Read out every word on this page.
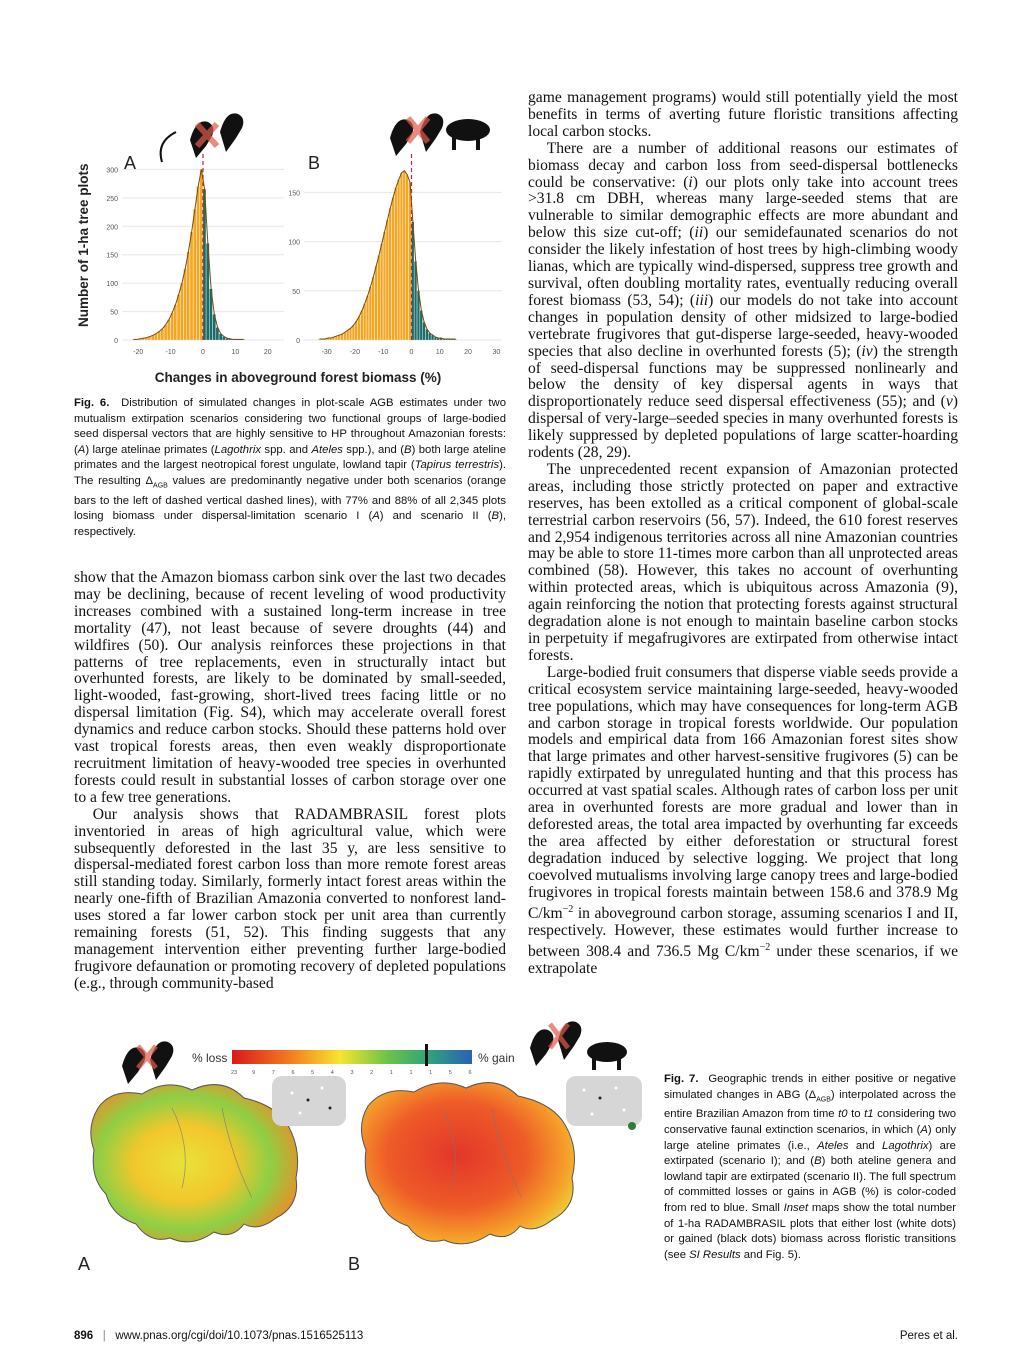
0
50
100
150
200
250
300
-20	-10	0	10	20
0
50
100
150
-30	-20	-10	0	10	20	30
A	B
Number of 1-ha tree plots
Changes in aboveground forest biomass (%)
Fig. 6. Distribution of simulated changes in plot-scale AGB estimates under two mutualism extirpation scenarios considering two functional groups of large-bodied seed dispersal vectors that are highly sensitive to HP throughout Amazonian forests: (A) large atelinae primates (Lagothrix spp. and Ateles spp.), and (B) both large ateline primates and the largest neotropical forest ungulate, lowland tapir (Tapirus terrestris). The resulting $\Delta_{AGB}$ values are predominantly negative under both scenarios (orange bars to the left of dashed vertical dashed lines), with 77% and 88% of all 2,345 plots losing biomass under dispersal-limitation scenario I (A) and scenario II (B), respectively.

show that the Amazon biomass carbon sink over the last two decades may be declining, because of recent leveling of wood productivity increases combined with a sustained long-term increase in tree mortality (47), not least because of severe droughts (44) and wildfires (50). Our analysis reinforces these projections in that patterns of tree replacements, even in structurally intact but overhunted forests, are likely to be dominated by small-seeded, light-wooded, fast-growing, short-lived trees facing little or no dispersal limitation (Fig. S4), which may accelerate overall forest dynamics and reduce carbon stocks. Should these patterns hold over vast tropical forests areas, then even weakly disproportionate recruitment limitation of heavy-wooded tree species in overhunted forests could result in substantial losses of carbon storage over one to a few tree generations.

Our analysis shows that RADAMBRASIL forest plots inventoried in areas of high agricultural value, which were subsequently deforested in the last 35 y, are less sensitive to dispersal-mediated forest carbon loss than more remote forest areas still standing today. Similarly, formerly intact forest areas within the nearly one-fifth of Brazilian Amazonia converted to nonforest land-uses stored a far lower carbon stock per unit area than currently remaining forests (51, 52). This finding suggests that any management intervention either preventing further large-bodied frugivore defaunation or promoting recovery of depleted populations (e.g., through community-based

game management programs) would still potentially yield the most benefits in terms of averting future floristic transitions affecting local carbon stocks.

There are a number of additional reasons our estimates of biomass decay and carbon loss from seed-dispersal bottlenecks could be conservative: (i) our plots only take into account trees >31.8 cm DBH, whereas many large-seeded stems that are vulnerable to similar demographic effects are more abundant and below this size cut-off; (ii) our semidefaunated scenarios do not consider the likely infestation of host trees by high-climbing woody lianas, which are typically wind-dispersed, suppress tree growth and survival, often doubling mortality rates, eventually reducing overall forest biomass (53, 54); (iii) our models do not take into account changes in population density of other midsized to large-bodied vertebrate frugivores that gut-disperse large-seeded, heavy-wooded species that also decline in overhunted forests (5); (iv) the strength of seed-dispersal functions may be suppressed nonlinearly and below the density of key dispersal agents in ways that disproportionately reduce seed dispersal effectiveness (55); and (v) dispersal of very-large–seeded species in many overhunted forests is likely suppressed by depleted populations of large scatter-hoarding rodents (28, 29).

The unprecedented recent expansion of Amazonian protected areas, including those strictly protected on paper and extractive reserves, has been extolled as a critical component of global-scale terrestrial carbon reservoirs (56, 57). Indeed, the 610 forest reserves and 2,954 indigenous territories across all nine Amazonian countries may be able to store 11-times more carbon than all unprotected areas combined (58). However, this takes no account of overhunting within protected areas, which is ubiquitous across Amazonia (9), again reinforcing the notion that protecting forests against structural degradation alone is not enough to maintain baseline carbon stocks in perpetuity if megafrugivores are extirpated from otherwise intact forests.

Large-bodied fruit consumers that disperse viable seeds provide a critical ecosystem service maintaining large-seeded, heavy-wooded tree populations, which may have consequences for long-term AGB and carbon storage in tropical forests worldwide. Our population models and empirical data from 166 Amazonian forest sites show that large primates and other harvest-sensitive frugivores (5) can be rapidly extirpated by unregulated hunting and that this process has occurred at vast spatial scales. Although rates of carbon loss per unit area in overhunted forests are more gradual and lower than in deforested areas, the total area impacted by overhunting far exceeds the area affected by either deforestation or structural forest degradation induced by selective logging. We project that long coevolved mutualisms involving large canopy trees and large-bodied frugivores in tropical forests maintain between 158.6 and 378.9 Mg $C/km^{-2}$ in aboveground carbon storage, assuming scenarios I and II, respectively. However, these estimates would further increase to between 308.4 and 736.5 Mg $C/km^{-2}$ under these scenarios, if we extrapolate

% loss	% gain
23	9	7	6	5	4	3	2	1	1	1	5	6
A	B
Fig. 7. Geographic trends in either positive or negative simulated changes in ABG $(\Delta_{AGB})$ interpolated across the entire Brazilian Amazon from time t0 to t1 considering two conservative faunal extinction scenarios, in which (A) only large ateline primates (i.e., Ateles and Lagothrix) are extirpated (scenario I); and (B) both ateline genera and lowland tapir are extirpated (scenario II). The full spectrum of committed losses or gains in AGB (%) is color-coded from red to blue. Small Inset maps show the total number of 1-ha RADAMBRASIL plots that either lost (white dots) or gained (black dots) biomass across floristic transitions (see SI Results and Fig. 5).
896 | www.pnas.org/cgi/doi/10.1073/pnas.1516525113	Peres et al.
